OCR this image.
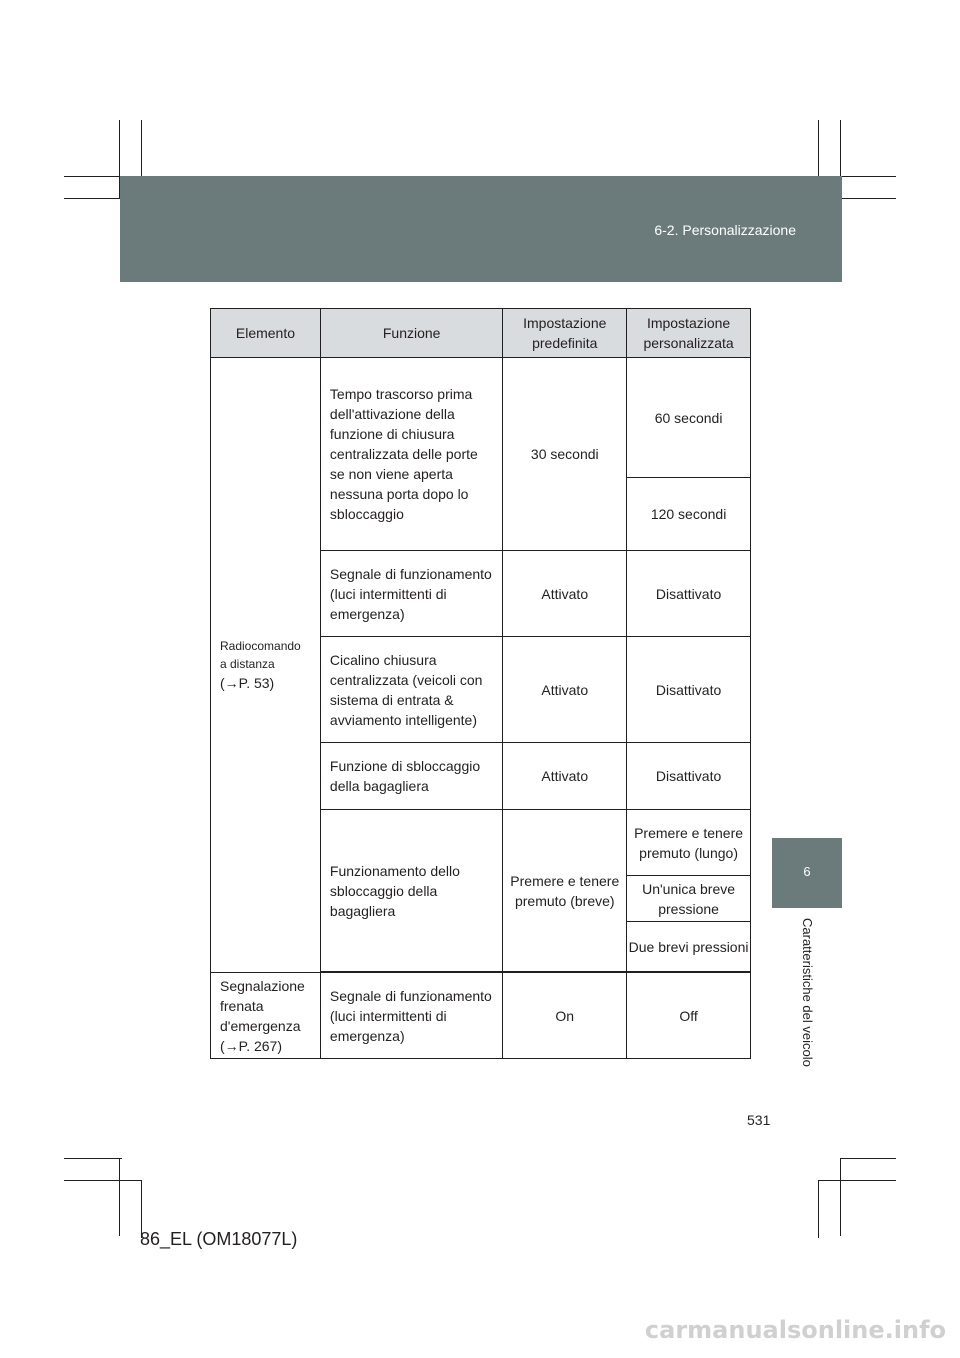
6-2. Personalizzazione
6
Caratteristiche del veicolo
Elemento	Funzione	Impostazione predefinita	Impostazione personalizzata

Radiocomando
a distanza
(→P. 53)	Tempo trascorso prima dell'attivazione della funzione di chiusura centralizzata delle porte se non viene aperta nessuna porta dopo lo sbloccaggio	30 secondi	60 secondi
			120 secondi
	Segnale di funzionamento (luci intermittenti di emergenza)	Attivato	Disattivato
	Cicalino chiusura centralizzata (veicoli con sistema di entrata & avviamento intelligente)	Attivato	Disattivato
	Funzione di sbloccaggio della bagagliera	Attivato	Disattivato
	Funzionamento dello sbloccaggio della bagagliera	Premere e tenere premuto (breve)	Premere e tenere premuto (lungo)
			Un'unica breve pressione
			Due brevi pressioni

Segnalazione frenata d'emergenza
(→P. 267)	Segnale di funzionamento (luci intermittenti di emergenza)	On	Off
531
86_EL (OM18077L)
carmanualsonline.info
